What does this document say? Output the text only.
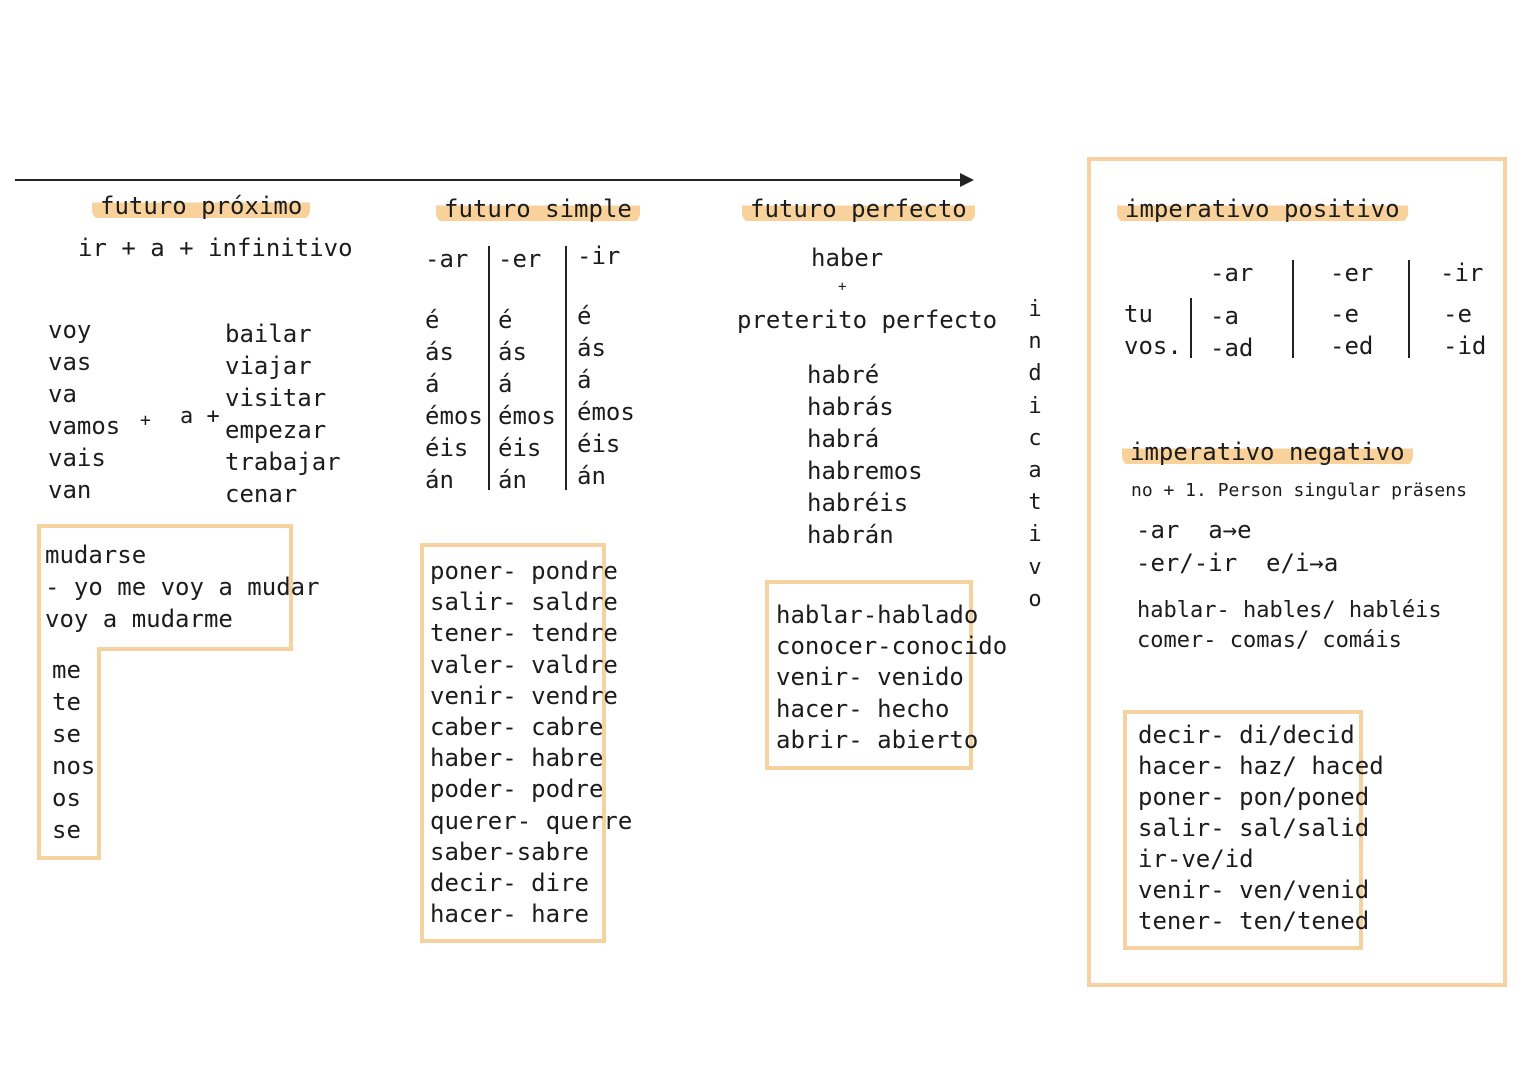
futuro próximo
ir + a + infinitivo
voy
vas
va
vamos
vais
van
+ a +
bailar
viajar
visitar
empezar
trabajar
cenar
mudarse
- yo me voy a mudar
voy a mudarme
me
te
se
nos
os
se
futuro simple
-ar -er -ir
é
ás
á
émos
éis
án
é
ás
á
émos
éis
án
é
ás
á
émos
éis
án
poner- pondre
salir- saldre
tener- tendre
valer- valdre
venir- vendre
caber- cabre
haber- habre
poder- podre
querer- querre
saber-sabre
decir- dire
hacer- hare
futuro perfecto
haber
+
preterito perfecto
habré
habrás
habrá
habremos
habréis
habrán
hablar-hablado
conocer-conocido
venir- venido
hacer- hecho
abrir- abierto
i
n
d
i
c
a
t
i
v
o
imperativo positivo
-ar	-er	-ir
tu
vos.
-a
-ad
-e
-ed
-e
-id
imperativo negativo
no + 1. Person singular präsens
-ar  a→e
-er/-ir  e/i→a
hablar- hables/ habléis
comer- comas/ comáis
decir- di/decid
hacer- haz/ haced
poner- pon/poned
salir- sal/salid
ir-ve/id
venir- ven/venid
tener- ten/tened
